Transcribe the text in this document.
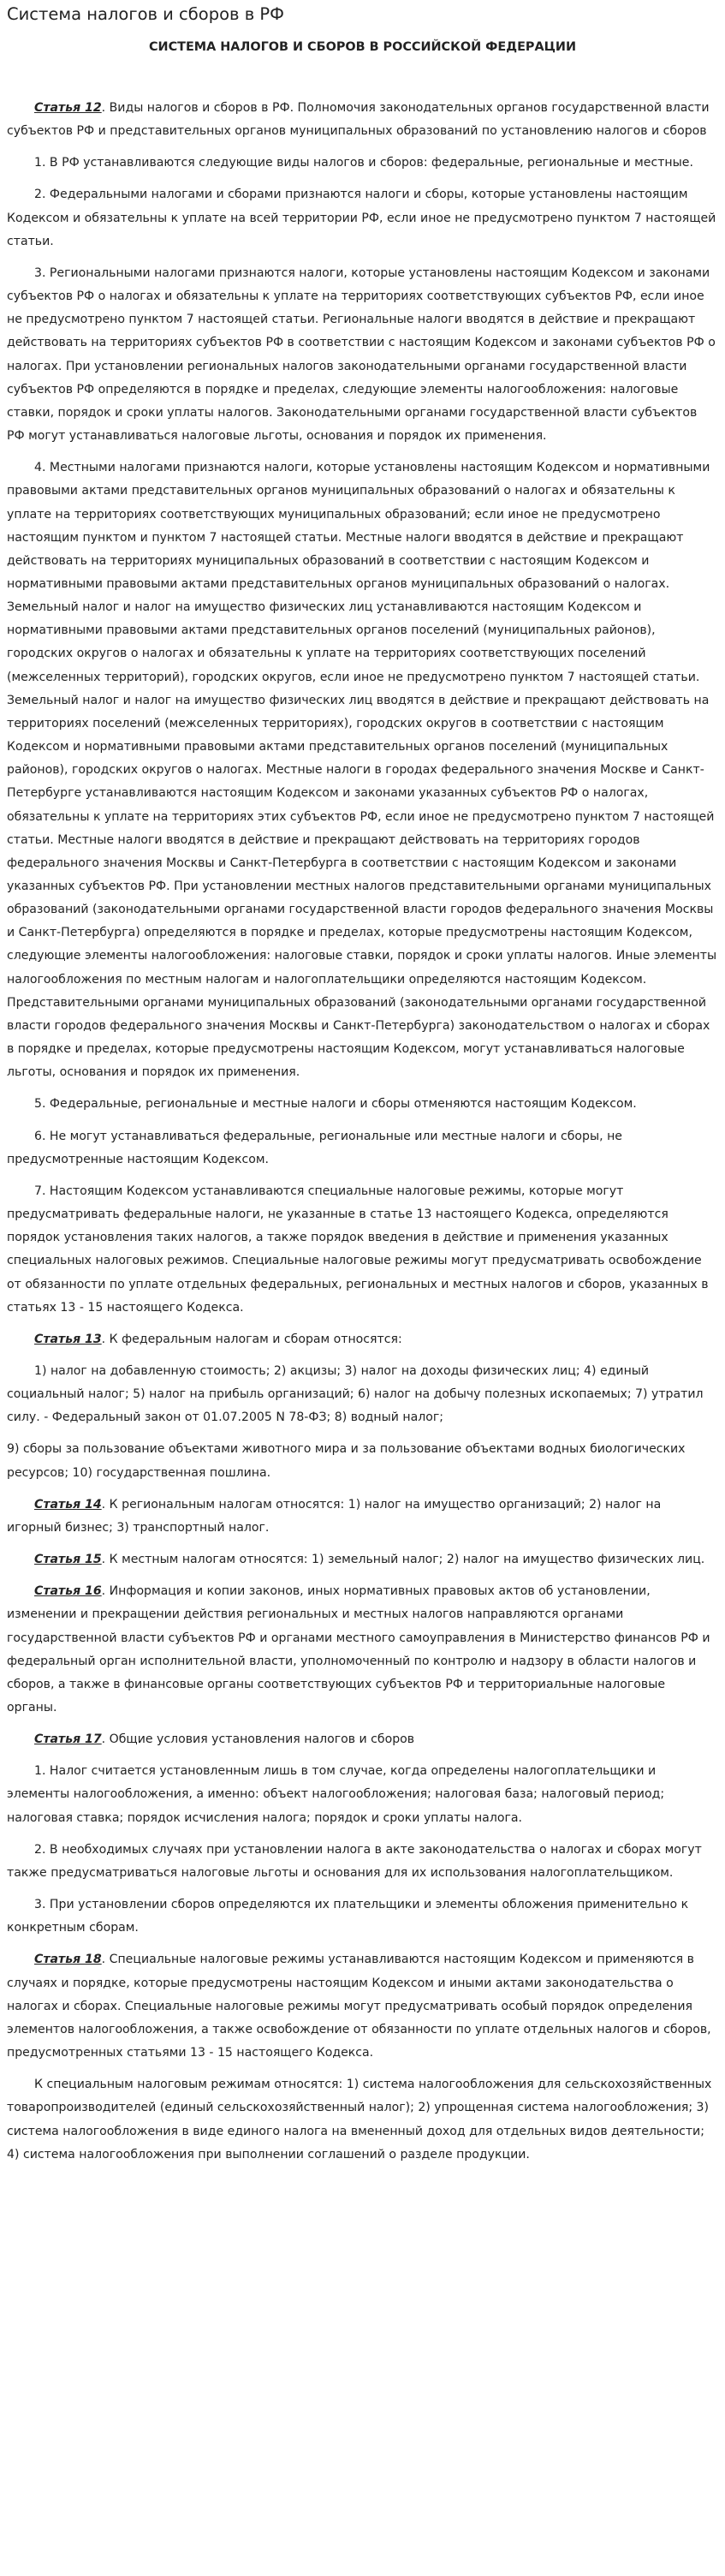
Система налогов и сборов в РФ
СИСТЕМА НАЛОГОВ И СБОРОВ В РОССИЙСКОЙ ФЕДЕРАЦИИ

Статья 12. Виды налогов и сборов в РФ. Полномочия законодательных органов государственной власти субъектов РФ и представительных органов муниципальных образований по установлению налогов и сборов

1. В РФ устанавливаются следующие виды налогов и сборов: федеральные, региональные и местные.

2. Федеральными налогами и сборами признаются налоги и сборы, которые установлены настоящим Кодексом и обязательны к уплате на всей территории РФ, если иное не предусмотрено пунктом 7 настоящей статьи.

3. Региональными налогами признаются налоги, которые установлены настоящим Кодексом и законами субъектов РФ о налогах и обязательны к уплате на территориях соответствующих субъектов РФ, если иное не предусмотрено пунктом 7 настоящей статьи. Региональные налоги вводятся в действие и прекращают действовать на территориях субъектов РФ в соответствии с настоящим Кодексом и законами субъектов РФ о налогах. При установлении региональных налогов законодательными органами государственной власти субъектов РФ определяются в порядке и пределах, следующие элементы налогообложения: налоговые ставки, порядок и сроки уплаты налогов. Законодательными органами государственной власти субъектов РФ могут устанавливаться налоговые льготы, основания и порядок их применения.

4. Местными налогами признаются налоги, которые установлены настоящим Кодексом и нормативными правовыми актами представительных органов муниципальных образований о налогах и обязательны к уплате на территориях соответствующих муниципальных образований; если иное не предусмотрено настоящим пунктом и пунктом 7 настоящей статьи. Местные налоги вводятся в действие и прекращают действовать на территориях муниципальных образований в соответствии с настоящим Кодексом и нормативными правовыми актами представительных органов муниципальных образований о налогах. Земельный налог и налог на имущество физических лиц устанавливаются настоящим Кодексом и нормативными правовыми актами представительных органов поселений (муниципальных районов), городских округов о налогах и обязательны к уплате на территориях соответствующих поселений (межселенных территорий), городских округов, если иное не предусмотрено пунктом 7 настоящей статьи. Земельный налог и налог на имущество физических лиц вводятся в действие и прекращают действовать на территориях поселений (межселенных территориях), городских округов в соответствии с настоящим Кодексом и нормативными правовыми актами представительных органов поселений (муниципальных районов), городских округов о налогах. Местные налоги в городах федерального значения Москве и Санкт-Петербурге устанавливаются настоящим Кодексом и законами указанных субъектов РФ о налогах, обязательны к уплате на территориях этих субъектов РФ, если иное не предусмотрено пунктом 7 настоящей статьи. Местные налоги вводятся в действие и прекращают действовать на территориях городов федерального значения Москвы и Санкт-Петербурга в соответствии с настоящим Кодексом и законами указанных субъектов РФ. При установлении местных налогов представительными органами муниципальных образований (законодательными органами государственной власти городов федерального значения Москвы и Санкт-Петербурга) определяются в порядке и пределах, которые предусмотрены настоящим Кодексом, следующие элементы налогообложения: налоговые ставки, порядок и сроки уплаты налогов. Иные элементы налогообложения по местным налогам и налогоплательщики определяются настоящим Кодексом. Представительными органами муниципальных образований (законодательными органами государственной власти городов федерального значения Москвы и Санкт-Петербурга) законодательством о налогах и сборах в порядке и пределах, которые предусмотрены настоящим Кодексом, могут устанавливаться налоговые льготы, основания и порядок их применения.

5. Федеральные, региональные и местные налоги и сборы отменяются настоящим Кодексом.

6. Не могут устанавливаться федеральные, региональные или местные налоги и сборы, не предусмотренные настоящим Кодексом.

7. Настоящим Кодексом устанавливаются специальные налоговые режимы, которые могут предусматривать федеральные налоги, не указанные в статье 13 настоящего Кодекса, определяются порядок установления таких налогов, а также порядок введения в действие и применения указанных специальных налоговых режимов. Специальные налоговые режимы могут предусматривать освобождение от обязанности по уплате отдельных федеральных, региональных и местных налогов и сборов, указанных в статьях 13 - 15 настоящего Кодекса.

Статья 13. К федеральным налогам и сборам относятся:

1) налог на добавленную стоимость; 2) акцизы; 3) налог на доходы физических лиц; 4) единый социальный налог; 5) налог на прибыль организаций; 6) налог на добычу полезных ископаемых; 7) утратил силу. - Федеральный закон от 01.07.2005 N 78-ФЗ; 8) водный налог;

9) сборы за пользование объектами животного мира и за пользование объектами водных биологических ресурсов; 10) государственная пошлина.

Статья 14. К региональным налогам относятся: 1) налог на имущество организаций; 2) налог на игорный бизнес; 3) транспортный налог.

Статья 15. К местным налогам относятся: 1) земельный налог; 2) налог на имущество физических лиц.

Статья 16. Информация и копии законов, иных нормативных правовых актов об установлении, изменении и прекращении действия региональных и местных налогов направляются органами государственной власти субъектов РФ и органами местного самоуправления в Министерство финансов РФ и федеральный орган исполнительной власти, уполномоченный по контролю и надзору в области налогов и сборов, а также в финансовые органы соответствующих субъектов РФ и территориальные налоговые органы.

Статья 17. Общие условия установления налогов и сборов

1. Налог считается установленным лишь в том случае, когда определены налогоплательщики и элементы налогообложения, а именно: объект налогообложения; налоговая база; налоговый период; налоговая ставка; порядок исчисления налога; порядок и сроки уплаты налога.

2. В необходимых случаях при установлении налога в акте законодательства о налогах и сборах могут также предусматриваться налоговые льготы и основания для их использования налогоплательщиком.

3. При установлении сборов определяются их плательщики и элементы обложения применительно к конкретным сборам.

Статья 18. Специальные налоговые режимы устанавливаются настоящим Кодексом и применяются в случаях и порядке, которые предусмотрены настоящим Кодексом и иными актами законодательства о налогах и сборах. Специальные налоговые режимы могут предусматривать особый порядок определения элементов налогообложения, а также освобождение от обязанности по уплате отдельных налогов и сборов, предусмотренных статьями 13 - 15 настоящего Кодекса.

К специальным налоговым режимам относятся: 1) система налогообложения для сельскохозяйственных товаропроизводителей (единый сельскохозяйственный налог); 2) упрощенная система налогообложения; 3) система налогообложения в виде единого налога на вмененный доход для отдельных видов деятельности; 4) система налогообложения при выполнении соглашений о разделе продукции.
